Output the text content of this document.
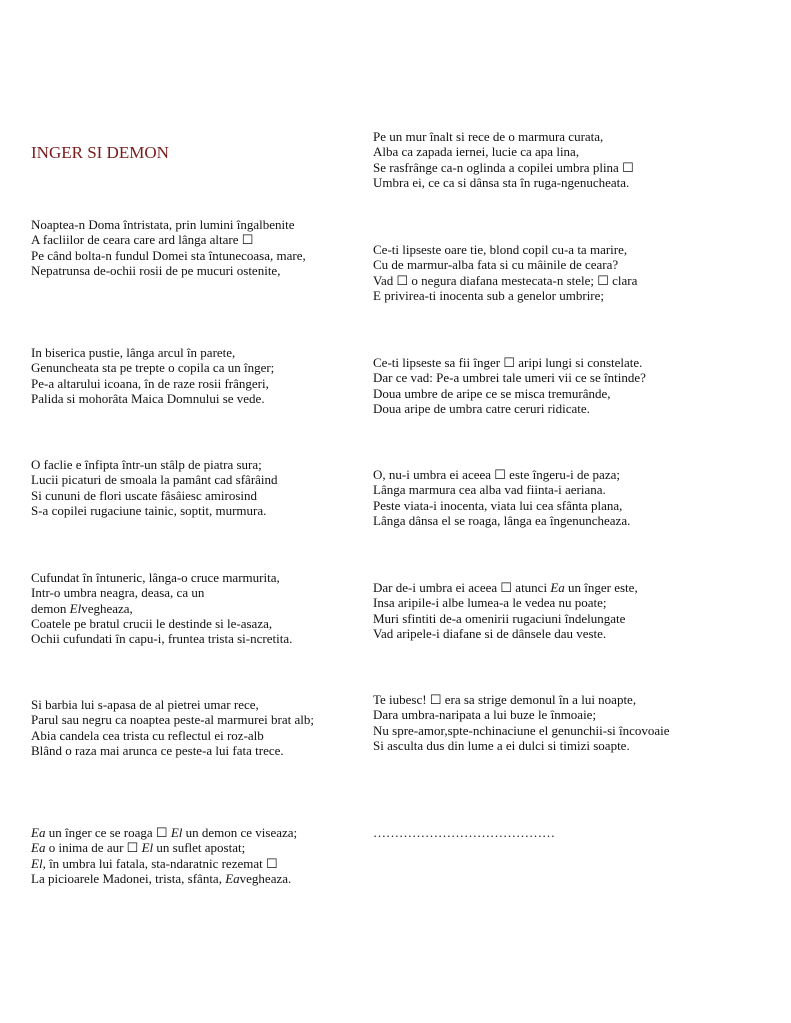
INGER SI DEMON
Noaptea-n Doma întristata, prin lumini îngalbenite
A facliilor de ceara care ard lânga altare ☐
Pe când bolta-n fundul Domei sta întunecoasa, mare,
Nepatrunsa de-ochii rosii de pe mucuri ostenite,
In biserica pustie, lânga arcul în parete,
Genuncheata sta pe trepte o copila ca un înger;
Pe-a altarului icoana, în de raze rosii frângeri,
Palida si mohorâta Maica Domnului se vede.
O faclie e înfipta într-un stâlp de piatra sura;
Lucii picaturi de smoala la pamânt cad sfârâind
Si cununi de flori uscate fâsâiesc amirosind
S-a copilei rugaciune tainic, soptit, murmura.
Cufundat în întuneric, lânga-o cruce marmurita,
Intr-o umbra neagra, deasa, ca un
demon Elvegheaza,
Coatele pe bratul crucii le destinde si le-asaza,
Ochii cufundati în capu-i, fruntea trista si-ncretita.
Si barbia lui s-apasa de al pietrei umar rece,
Parul sau negru ca noaptea peste-al marmurei brat alb;
Abia candela cea trista cu reflectul ei roz-alb
Blând o raza mai arunca ce peste-a lui fata trece.
Ea un înger ce se roaga ☐ El un demon ce viseaza;
Ea o inima de aur ☐ El un suflet apostat;
El, în umbra lui fatala, sta-ndaratnic rezemat ☐
La picioarele Madonei, trista, sfânta, Eavegheaza.
Pe un mur înalt si rece de o marmura curata,
Alba ca zapada iernei, lucie ca apa lina,
Se rasfrânge ca-n oglinda a copilei umbra plina ☐
Umbra ei, ce ca si dânsa sta în ruga-ngenucheata.
Ce-ti lipseste oare tie, blond copil cu-a ta marire,
Cu de marmur-alba fata si cu mâinile de ceara?
Vad ☐ o negura diafana mestecata-n stele; ☐ clara
E privirea-ti inocenta sub a genelor umbrire;
Ce-ti lipseste sa fii înger ☐ aripi lungi si constelate.
Dar ce vad: Pe-a umbrei tale umeri vii ce se întinde?
Doua umbre de aripe ce se misca tremurânde,
Doua aripe de umbra catre ceruri ridicate.
O, nu-i umbra ei aceea ☐ este îngeru-i de paza;
Lânga marmura cea alba vad fiinta-i aeriana.
Peste viata-i inocenta, viata lui cea sfânta plana,
Lânga dânsa el se roaga, lânga ea îngenuncheaza.
Dar de-i umbra ei aceea ☐ atunci Ea un înger este,
Insa aripile-i albe lumea-a le vedea nu poate;
Muri sfintiti de-a omenirii rugaciuni îndelungate
Vad aripele-i diafane si de dânsele dau veste.
Te iubesc! ☐ era sa strige demonul în a lui noapte,
Dara umbra-naripata a lui buze le înmoaie;
Nu spre-amor,spte-nchinaciune el genunchii-si încovoaie
Si asculta dus din lume a ei dulci si timizi soapte.
……………………………………
